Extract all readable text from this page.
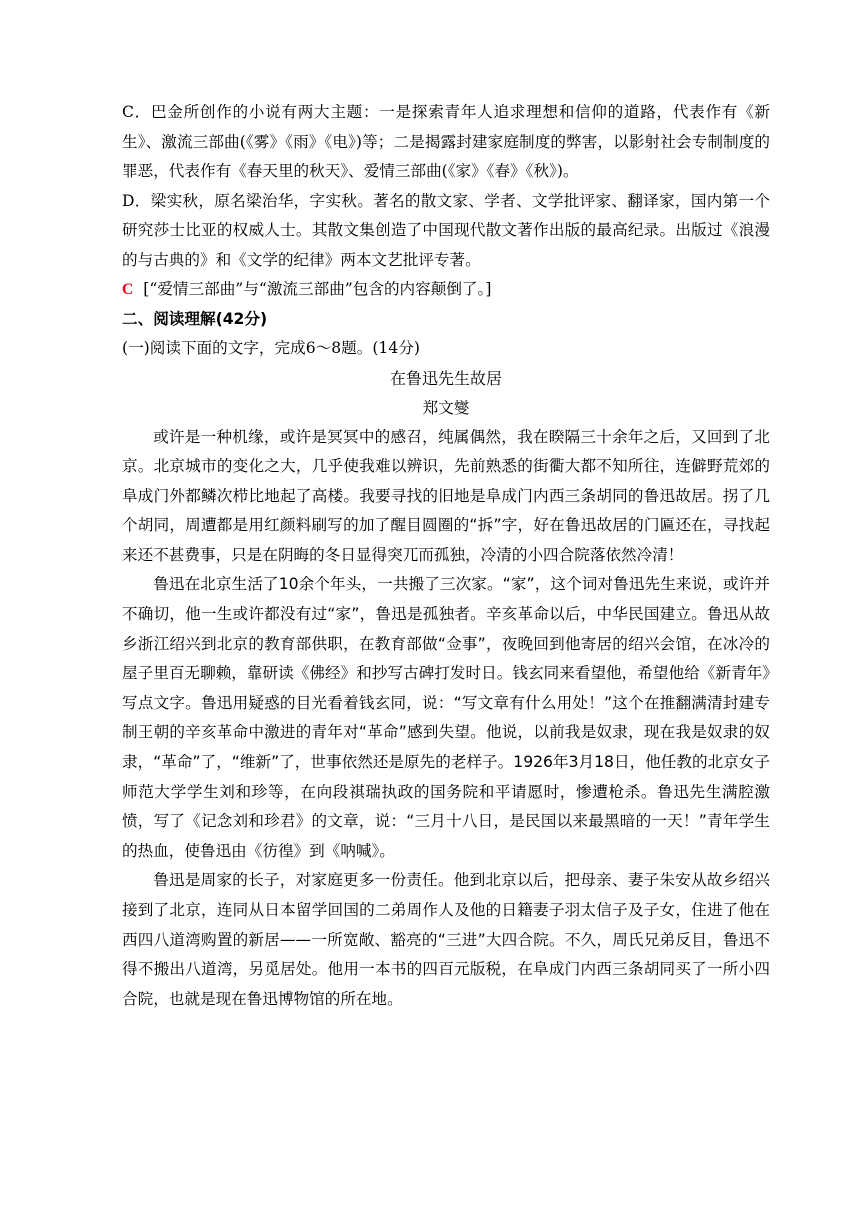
C．巴金所创作的小说有两大主题：一是探索青年人追求理想和信仰的道路，代表作有《新生》、激流三部曲(《雾》《雨》《电》)等；二是揭露封建家庭制度的弊害，以影射社会专制制度的罪恶，代表作有《春天里的秋天》、爱情三部曲(《家》《春》《秋》)。

D．梁实秋，原名梁治华，字实秋。著名的散文家、学者、文学批评家、翻译家，国内第一个研究莎士比亚的权威人士。其散文集创造了中国现代散文著作出版的最高纪录。出版过《浪漫的与古典的》和《文学的纪律》两本文艺批评专著。

C [“爱情三部曲”与“激流三部曲”包含的内容颠倒了。]

二、阅读理解(42分)

(一)阅读下面的文字，完成6～8题。(14分)

在鲁迅先生故居

郑文燮

或许是一种机缘，或许是冥冥中的感召，纯属偶然，我在睽隔三十余年之后，又回到了北京。北京城市的变化之大，几乎使我难以辨识，先前熟悉的街衢大都不知所往，连僻野荒郊的阜成门外都鳞次栉比地起了高楼。我要寻找的旧地是阜成门内西三条胡同的鲁迅故居。拐了几个胡同，周遭都是用红颜料刷写的加了醒目圆圈的“拆”字，好在鲁迅故居的门匾还在，寻找起来还不甚费事，只是在阴晦的冬日显得突兀而孤独，冷清的小四合院落依然冷清！

鲁迅在北京生活了10余个年头，一共搬了三次家。“家”，这个词对鲁迅先生来说，或许并不确切，他一生或许都没有过“家”，鲁迅是孤独者。辛亥革命以后，中华民国建立。鲁迅从故乡浙江绍兴到北京的教育部供职，在教育部做“佥事”，夜晚回到他寄居的绍兴会馆，在冰冷的屋子里百无聊赖，靠研读《佛经》和抄写古碑打发时日。钱玄同来看望他，希望他给《新青年》写点文字。鲁迅用疑惑的目光看着钱玄同，说：“写文章有什么用处！”这个在推翻满清封建专制王朝的辛亥革命中激进的青年对“革命”感到失望。他说，以前我是奴隶，现在我是奴隶的奴隶，“革命”了，“维新”了，世事依然还是原先的老样子。1926年3月18日，他任教的北京女子师范大学学生刘和珍等，在向段祺瑞执政的国务院和平请愿时，惨遭枪杀。鲁迅先生满腔激愤，写了《记念刘和珍君》的文章，说：“三月十八日，是民国以来最黑暗的一天！”青年学生的热血，使鲁迅由《彷徨》到《呐喊》。

鲁迅是周家的长子，对家庭更多一份责任。他到北京以后，把母亲、妻子朱安从故乡绍兴接到了北京，连同从日本留学回国的二弟周作人及他的日籍妻子羽太信子及子女，住进了他在西四八道湾购置的新居——一所宽敞、豁亮的“三进”大四合院。不久，周氏兄弟反目，鲁迅不得不搬出八道湾，另觅居处。他用一本书的四百元版税，在阜成门内西三条胡同买了一所小四合院，也就是现在鲁迅博物馆的所在地。
